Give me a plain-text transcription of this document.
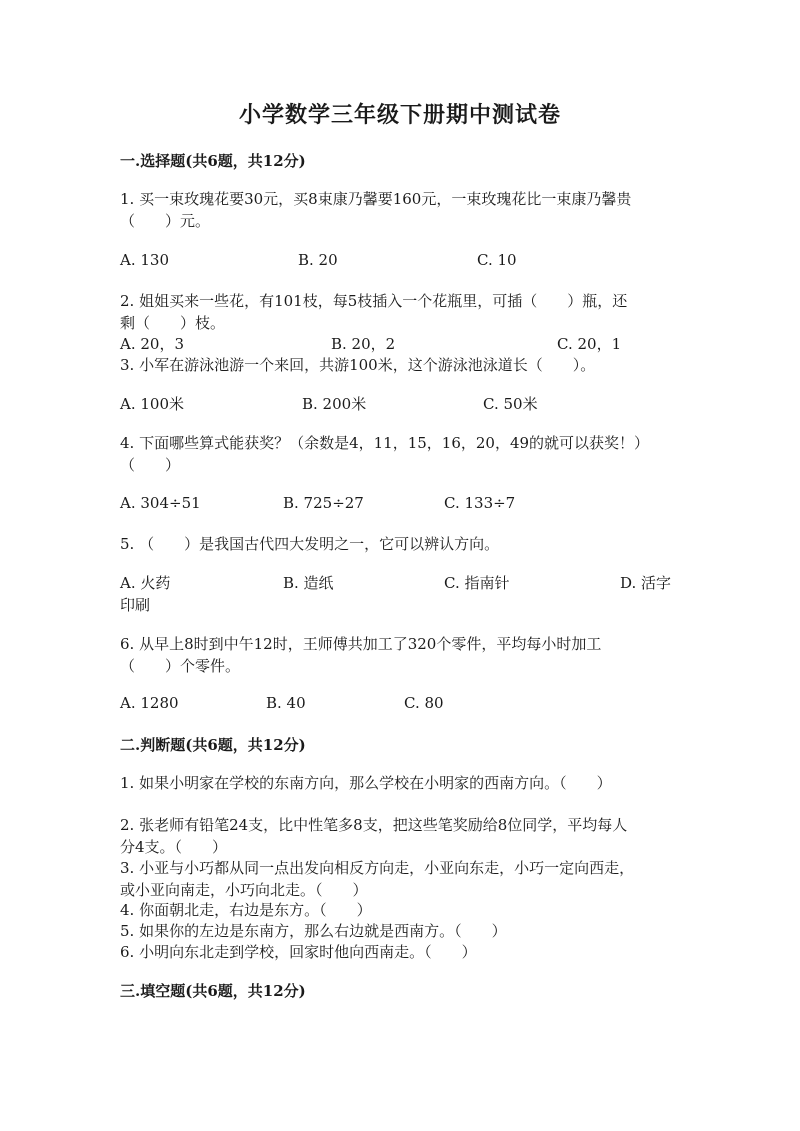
小学数学三年级下册期中测试卷
一.选择题(共6题，共12分)
1. 买一束玫瑰花要30元，买8束康乃馨要160元，一束玫瑰花比一束康乃馨贵
（　　）元。
A. 130	B. 20	C. 10
2. 姐姐买来一些花，有101枝，每5枝插入一个花瓶里，可插（　　）瓶，还
剩（　　）枝。
A. 20，3	B. 20，2	C. 20，1
3. 小军在游泳池游一个来回，共游100米，这个游泳池泳道长（　　）。
A. 100米	B. 200米	C. 50米
4. 下面哪些算式能获奖？（余数是4，11，15，16，20，49的就可以获奖！）
（　　）
A. 304÷51	B. 725÷27	C. 133÷7
5. （　　）是我国古代四大发明之一，它可以辨认方向。
A. 火药	B. 造纸	C. 指南针	D. 活字
印刷
6. 从早上8时到中午12时，王师傅共加工了320个零件，平均每小时加工
（　　）个零件。
A. 1280	B. 40	C. 80
二.判断题(共6题，共12分)
1. 如果小明家在学校的东南方向，那么学校在小明家的西南方向。（　　）
2. 张老师有铅笔24支，比中性笔多8支，把这些笔奖励给8位同学，平均每人
分4支。（　　）
3. 小亚与小巧都从同一点出发向相反方向走，小亚向东走，小巧一定向西走，
或小亚向南走，小巧向北走。（　　）
4. 你面朝北走，右边是东方。（　　）
5. 如果你的左边是东南方，那么右边就是西南方。（　　）
6. 小明向东北走到学校，回家时他向西南走。（　　）
三.填空题(共6题，共12分)
